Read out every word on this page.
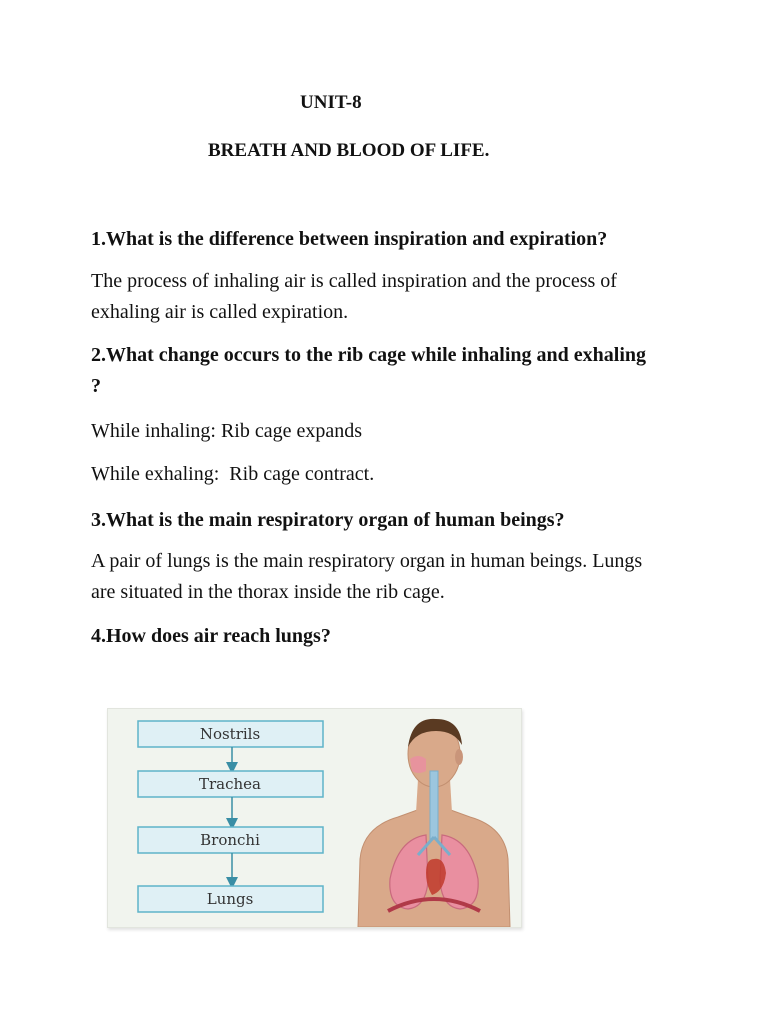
UNIT-8
BREATH AND BLOOD OF LIFE.
1.What is the difference between inspiration and expiration?
The process of inhaling air is called inspiration and the process of exhaling air is called expiration.
2.What change occurs to the rib cage while inhaling and exhaling ?
While inhaling: Rib cage expands
While exhaling:  Rib cage contract.
3.What is the main respiratory organ of human beings?
A pair of lungs is the main respiratory organ in human beings. Lungs are situated in the thorax inside the rib cage.
4.How does air reach lungs?
Nostrils
Trachea
Bronchi
Lungs
